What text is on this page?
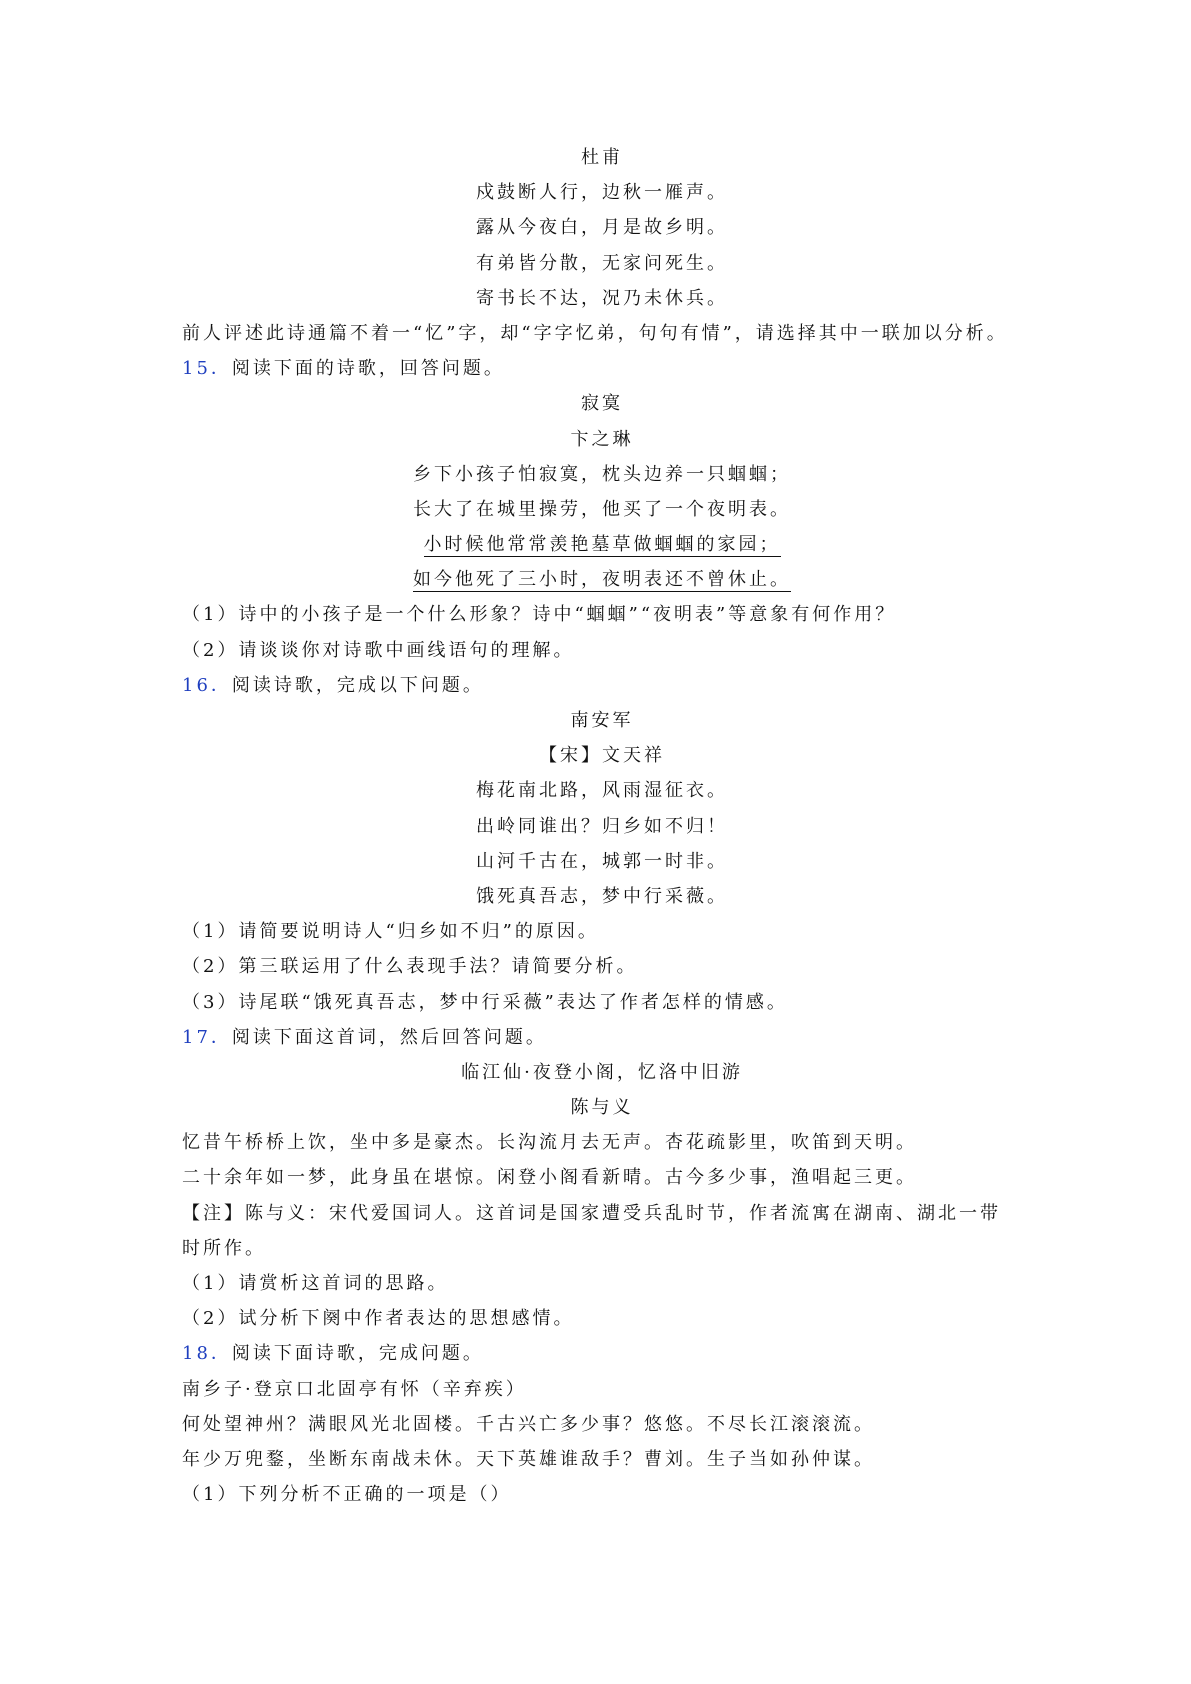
杜甫
戍鼓断人行，边秋一雁声。
露从今夜白，月是故乡明。
有弟皆分散，无家问死生。
寄书长不达，况乃未休兵。
前人评述此诗通篇不着一“忆”字，却“字字忆弟，句句有情”，请选择其中一联加以分析。
15．阅读下面的诗歌，回答问题。
寂寞
卞之琳
乡下小孩子怕寂寞，枕头边养一只蝈蝈；
长大了在城里操劳，他买了一个夜明表。
小时候他常常羡艳墓草做蝈蝈的家园；
如今他死了三小时，夜明表还不曾休止。
（1）诗中的小孩子是一个什么形象？诗中“蝈蝈”“夜明表”等意象有何作用？
（2）请谈谈你对诗歌中画线语句的理解。
16．阅读诗歌，完成以下问题。
南安军
【宋】文天祥
梅花南北路，风雨湿征衣。
出岭同谁出？归乡如不归！
山河千古在，城郭一时非。
饿死真吾志，梦中行采薇。
（1）请简要说明诗人“归乡如不归”的原因。
（2）第三联运用了什么表现手法？请简要分析。
（3）诗尾联“饿死真吾志，梦中行采薇”表达了作者怎样的情感。
17．阅读下面这首词，然后回答问题。
临江仙·夜登小阁，忆洛中旧游
陈与义
忆昔午桥桥上饮，坐中多是豪杰。长沟流月去无声。杏花疏影里，吹笛到天明。
二十余年如一梦，此身虽在堪惊。闲登小阁看新晴。古今多少事，渔唱起三更。
【注】陈与义：宋代爱国词人。这首词是国家遭受兵乱时节，作者流寓在湖南、湖北一带
时所作。
（1）请赏析这首词的思路。
（2）试分析下阕中作者表达的思想感情。
18．阅读下面诗歌，完成问题。
南乡子·登京口北固亭有怀（辛弃疾）
何处望神州？满眼风光北固楼。千古兴亡多少事？悠悠。不尽长江滚滚流。
年少万兜鍪，坐断东南战未休。天下英雄谁敌手？曹刘。生子当如孙仲谋。
（1）下列分析不正确的一项是（）
